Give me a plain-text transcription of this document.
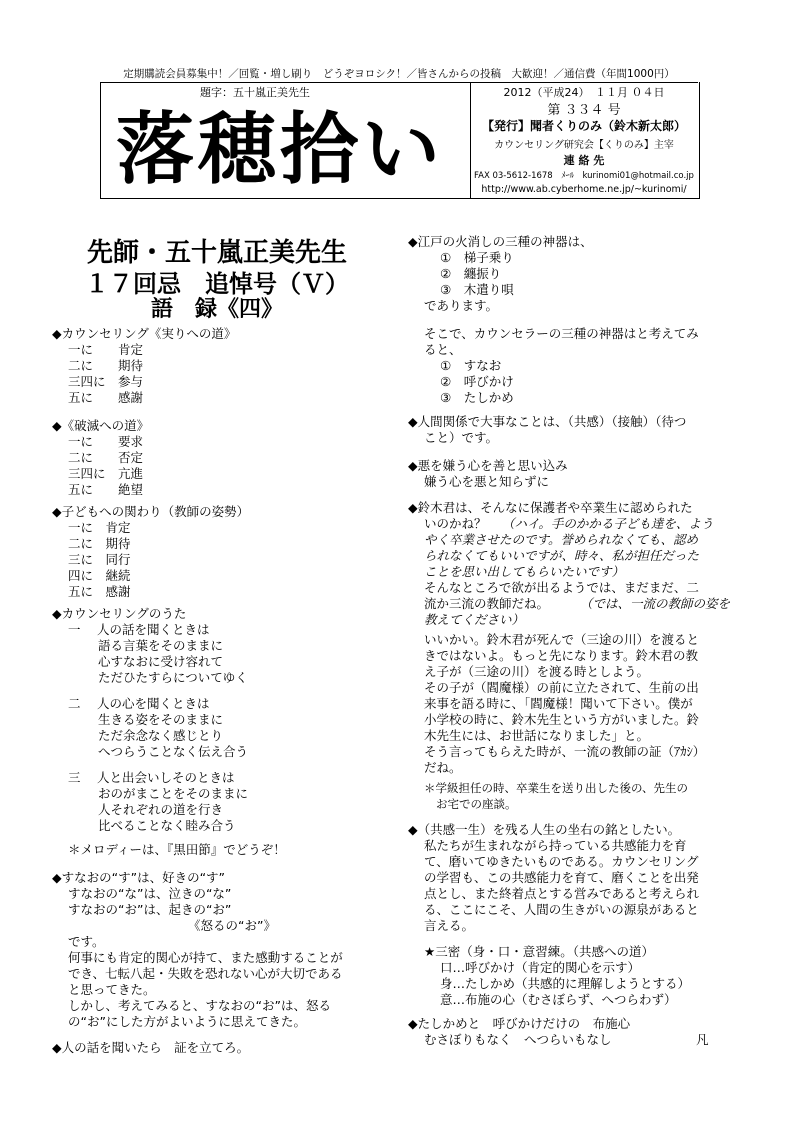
定期購読会員募集中！／回覧・増し刷り　どうぞヨロシク！／皆さんからの投稿　大歓迎！／通信費（年間1000円）
題字：五十嵐正美先生
落穂拾い
2012（平成24）　１１月 ０４日
第 ３３４ 号
【発行】聞者くりのみ（鈴木新太郎）
カウンセリング研究会【くりのみ】主宰
連 絡 先
FAX 03-5612-1678　ﾒｰﾙ　kurinomi01@hotmail.co.jp
http://www.ab.cyberhome.ne.jp/~kurinomi/
先師・五十嵐正美先生
１７回忌　追悼号（Ｖ）
語　録《四》
◆カウンセリング《実りへの道》
一に　　肯定
二に　　期待
三四に　参与
五に　　感謝
◆《破滅への道》
一に　　要求
二に　　否定
三四に　亢進
五に　　絶望
◆子どもへの関わり（教師の姿勢）
一に　肯定
二に　期待
三に　同行
四に　継続
五に　感謝
◆カウンセリングのうた
一　 人の話を聞くときは
語る言葉をそのままに
心すなおに受け容れて
ただひたすらについてゆく
二　 人の心を聞くときは
生きる姿をそのままに
ただ余念なく感じとり
へつらうことなく伝え合う
三　 人と出会いしそのときは
おのがまことをそのままに
人それぞれの道を行き
比べることなく睦み合う
＊メロディーは、『黒田節』でどうぞ！
◆すなおの“す”は、好きの“す”
すなおの“な”は、泣きの“な”
すなおの“お”は、起きの“お”
《怒るの“お”》
です。
何事にも肯定的関心が持て、また感動することが
でき、七転八起・失敗を恐れない心が大切である
と思ってきた。
しかし、考えてみると、すなおの“お”は、怒る
の“お”にした方がよいように思えてきた。
◆人の話を聞いたら　証を立てろ。
◆江戸の火消しの三種の神器は、
①　梯子乗り
②　纏振り
③　木遣り唄
であります。
そこで、カウンセラーの三種の神器はと考えてみ
ると、
①　すなお
②　呼びかけ
③　たしかめ
◆人間関係で大事なことは、（共感）（接触）（待つ
こと）です。
◆悪を嫌う心を善と思い込み
嫌う心を悪と知らずに
◆鈴木君は、そんなに保護者や卒業生に認められた
いのかね？ （ハイ。手のかかる子ども達を、よう
やく卒業させたのです。誉められなくても、認め
られなくてもいいですが、時々、私が担任だった
ことを思い出してもらいたいです）
そんなところで欲が出るようでは、まだまだ、二
流か三流の教師だね。 （では、一流の教師の姿を
教えてください）
いいかい。鈴木君が死んで（三途の川）を渡ると
きではないよ。もっと先になります。鈴木君の教
え子が（三途の川）を渡る時としよう。
その子が（閻魔様）の前に立たされて、生前の出
来事を語る時に、「閻魔様！聞いて下さい。僕が
小学校の時に、鈴木先生という方がいました。鈴
木先生には、お世話になりました」と。
そう言ってもらえた時が、一流の教師の証（ｱｶｼ）
だね。
＊学級担任の時、卒業生を送り出した後の、先生の
お宅での座談。
◆（共感一生）を残る人生の坐右の銘としたい。
私たちが生まれながら持っている共感能力を育
て、磨いてゆきたいものである。カウンセリング
の学習も、この共感能力を育て、磨くことを出発
点とし、また終着点とする営みであると考えられ
る、ここにこそ、人間の生きがいの源泉があると
言える。
★三密（身・口・意習練。（共感への道）
口…呼びかけ（肯定的関心を示す）
身…たしかめ（共感的に理解しようとする）
意…布施の心（むさぼらず、へつらわず）
◆たしかめと　呼びかけだけの　布施心
むさぼりもなく　へつらいもなし	凡
